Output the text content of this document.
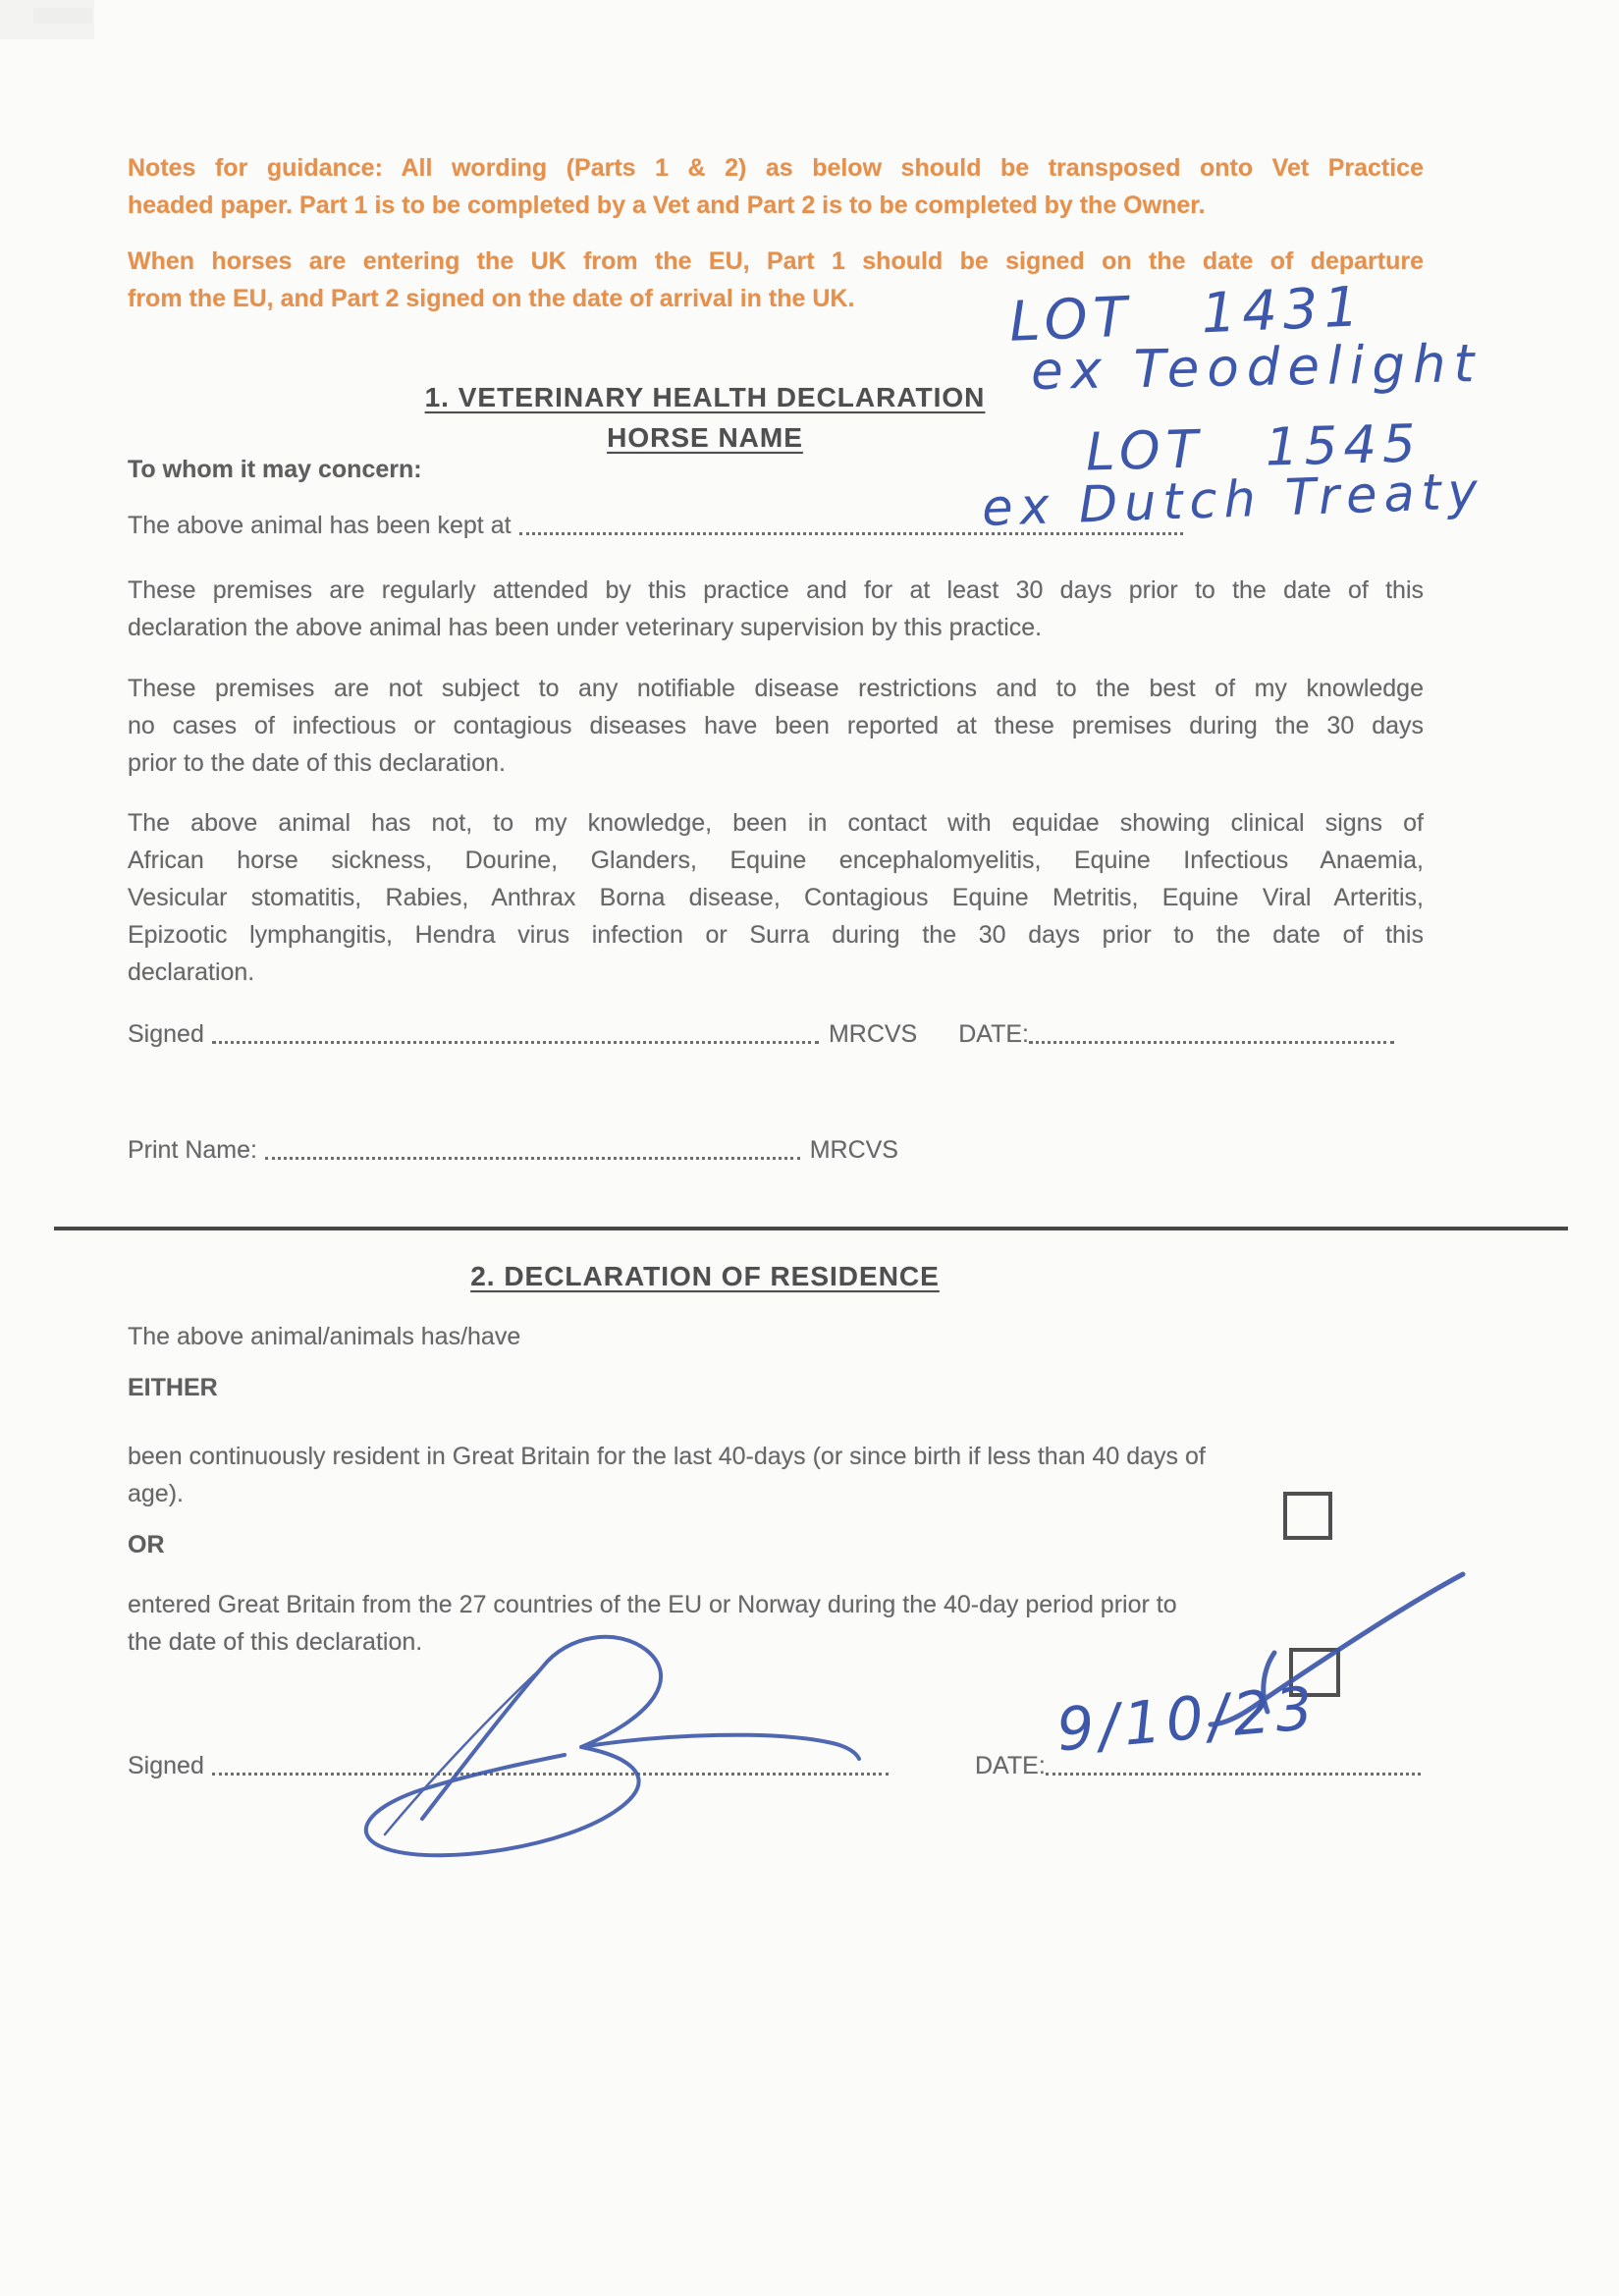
Notes for guidance: All wording (Parts 1 & 2) as below should be transposed onto Vet Practice
headed paper. Part 1 is to be completed by a Vet and Part 2 is to be completed by the Owner.
When horses are entering the UK from the EU, Part 1 should be signed on the date of departure
from the EU, and Part 2 signed on the date of arrival in the UK.
1. VETERINARY HEALTH DECLARATION
HORSE NAME
To whom it may concern:
The above animal has been kept at
These premises are regularly attended by this practice and for at least 30 days prior to the date of this
declaration the above animal has been under veterinary supervision by this practice.
These premises are not subject to any notifiable disease restrictions and to the best of my knowledge
no cases of infectious or contagious diseases have been reported at these premises during the 30 days
prior to the date of this declaration.
The above animal has not, to my knowledge, been in contact with equidae showing clinical signs of
African horse sickness, Dourine, Glanders, Equine encephalomyelitis, Equine Infectious Anaemia,
Vesicular stomatitis, Rabies, Anthrax Borna disease, Contagious Equine Metritis, Equine Viral Arteritis,
Epizootic lymphangitis, Hendra virus infection or Surra during the 30 days prior to the date of this
declaration.
Signed	MRCVS DATE:
Print Name:	MRCVS
2. DECLARATION OF RESIDENCE
The above animal/animals has/have
EITHER
been continuously resident in Great Britain for the last 40-days (or since birth if less than 40 days of
age).
OR
entered Great Britain from the 27 countries of the EU or Norway during the 40-day period prior to
the date of this declaration.
Signed	DATE:
LOT 1431
ex Teodelight
LOT 1545
ex Dutch Treaty
9/10/23
